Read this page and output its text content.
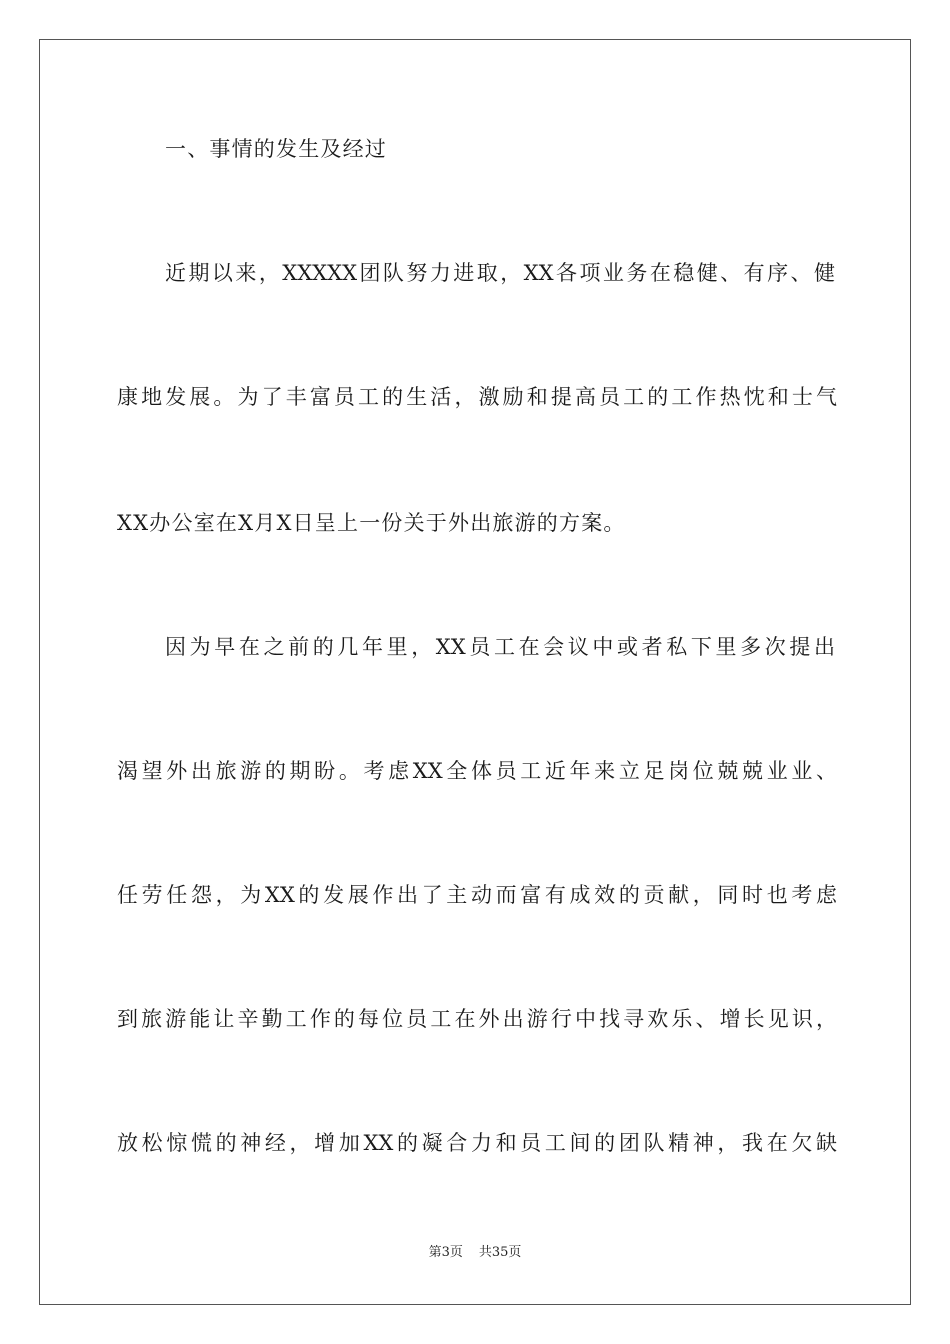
一、事情的发生及经过
近期以来，XXXXX团队努力进取，XX各项业务在稳健、有序、健
康地发展。为了丰富员工的生活，激励和提高员工的工作热忱和士气
XX办公室在X月X日呈上一份关于外出旅游的方案。
因为早在之前的几年里，XX员工在会议中或者私下里多次提出
渴望外出旅游的期盼。考虑XX全体员工近年来立足岗位兢兢业业、
任劳任怨，为XX的发展作出了主动而富有成效的贡献，同时也考虑
到旅游能让辛勤工作的每位员工在外出游行中找寻欢乐、增长见识，
放松惊慌的神经，增加XX的凝合力和员工间的团队精神，我在欠缺
第3页 共35页
